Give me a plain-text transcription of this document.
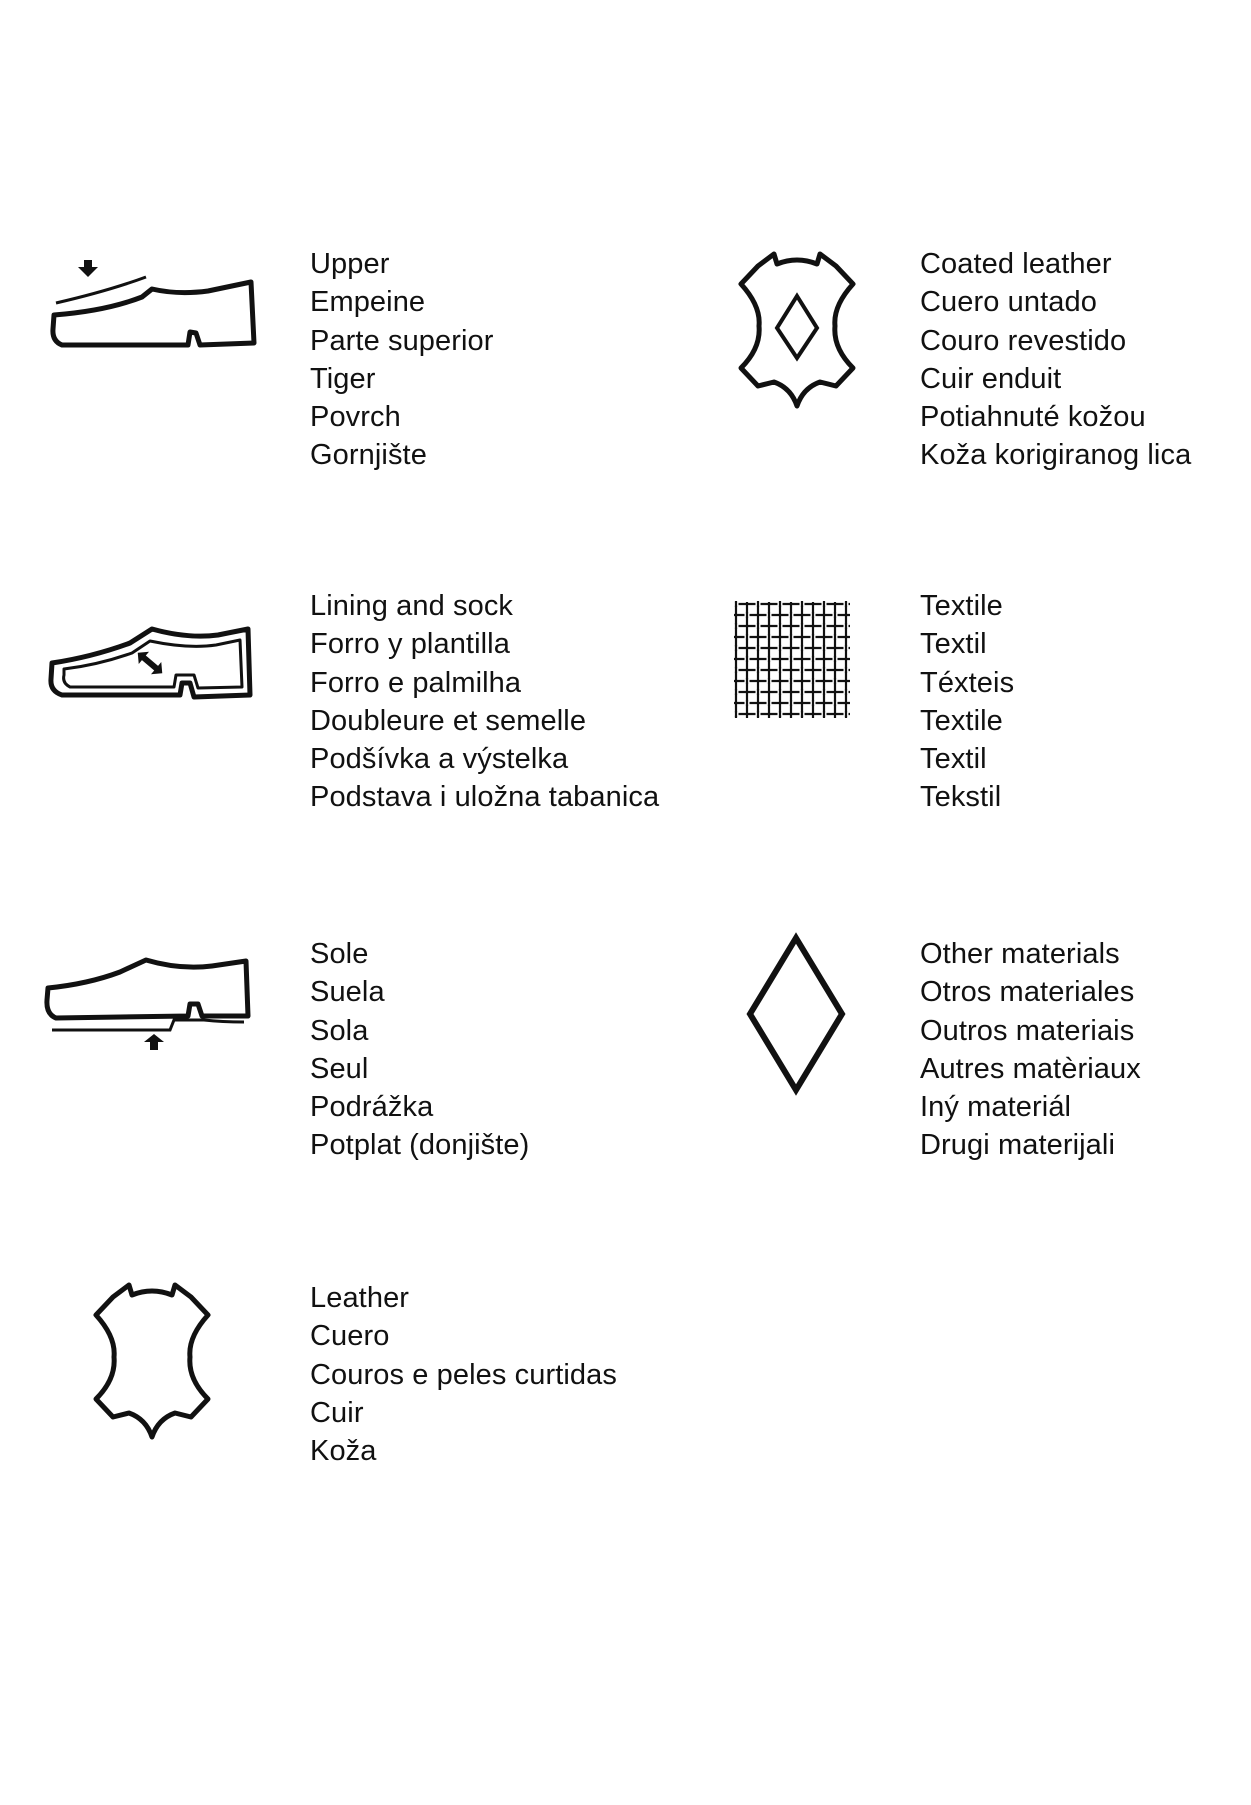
Upper
Empeine
Parte superior
Tiger
Povrch
Gornjište
Coated leather
Cuero untado
Couro revestido
Cuir enduit
Potiahnuté kožou
Koža korigiranog lica
Lining and sock
Forro y plantilla
Forro e palmilha
Doubleure et semelle
Podšívka a výstelka
Podstava i uložna tabanica
Textile
Textil
Téxteis
Textile
Textil
Tekstil
Sole
Suela
Sola
Seul
Podrážka
Potplat (donjište)
Other materials
Otros materiales
Outros materiais
Autres matèriaux
Iný materiál
Drugi materijali
Leather
Cuero
Couros e peles curtidas
Cuir
Koža
